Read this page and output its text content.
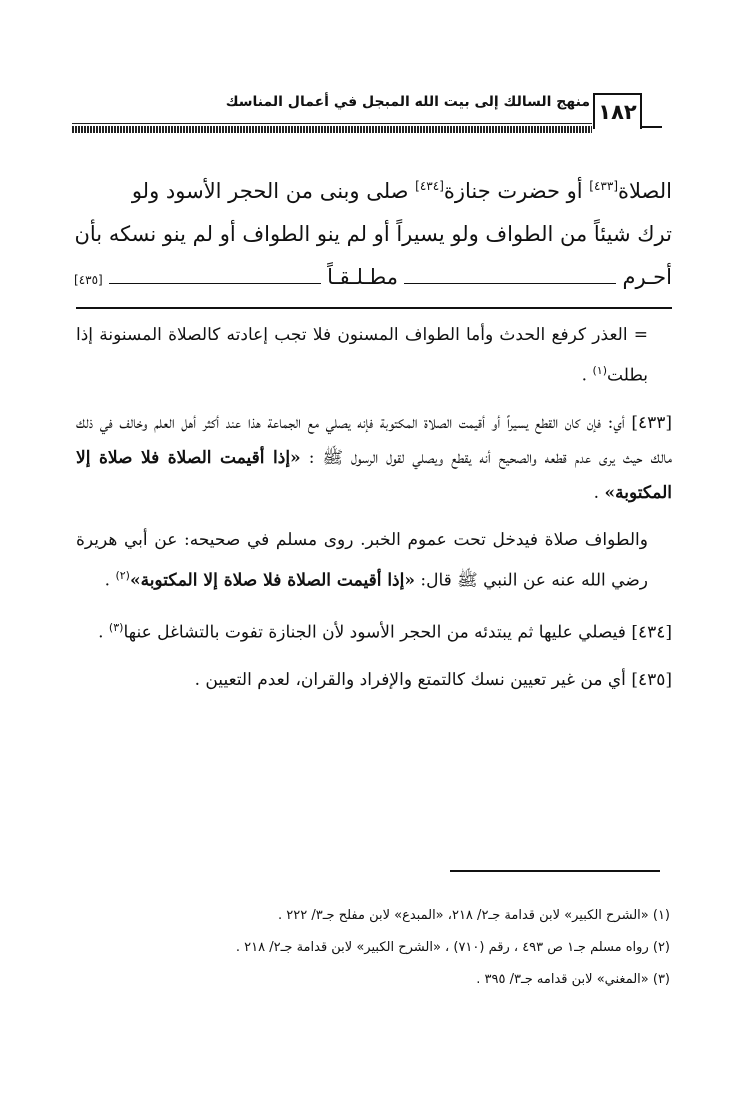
١٨٢
منهج السالك إلى بيت الله المبجل في أعمال المناسك
الصلاة[٤٣٣] أو حضرت جنازة[٤٣٤] صلى وبنى من الحجر الأسود ولو
ترك شيئاً من الطواف ولو يسيراً أو لم ينو الطواف أو لم ينو نسكه بأن
أحـرم
مطـلـقـاً
[٤٣٥]

= العذر كرفع الحدث وأما الطواف المسنون فلا تجب إعادته كالصلاة المسنونة إذا بطلت$^{(١)}$ .

[٤٣٣] أي: فإن كان القطع يسيراً أو أقيمت الصلاة المكتوبة فإنه يصلي مع الجماعة هذا عند أكثر أهل العلم وخالف في ذلك مالك حيث يرى عدم قطعه والصحيح أنه يقطع ويصلي لقول الرسول ﷺ : «إذا أقيمت الصلاة فلا صلاة إلا المكتوبة» .

والطواف صلاة فيدخل تحت عموم الخبر. روى مسلم في صحيحه: عن أبي هريرة رضي الله عنه عن النبي ﷺ قال: «إذا أقيمت الصلاة فلا صلاة إلا المكتوبة»$^{(٢)}$ .

[٤٣٤] فيصلي عليها ثم يبتدئه من الحجر الأسود لأن الجنازة تفوت بالتشاغل عنها$^{(٣)}$ .

[٤٣٥] أي من غير تعيين نسك كالتمتع والإفراد والقران، لعدم التعيين .

(١) «الشرح الكبير» لابن قدامة جـ٢/ ٢١٨، «المبدع» لابن مفلح جـ٣/ ٢٢٢ .
(٢) رواه مسلم جـ١ ص ٤٩٣ ، رقم (٧١٠) ، «الشرح الكبير» لابن قدامة جـ٢/ ٢١٨ .
(٣) «المغني» لابن قدامه جـ٣/ ٣٩٥ .
